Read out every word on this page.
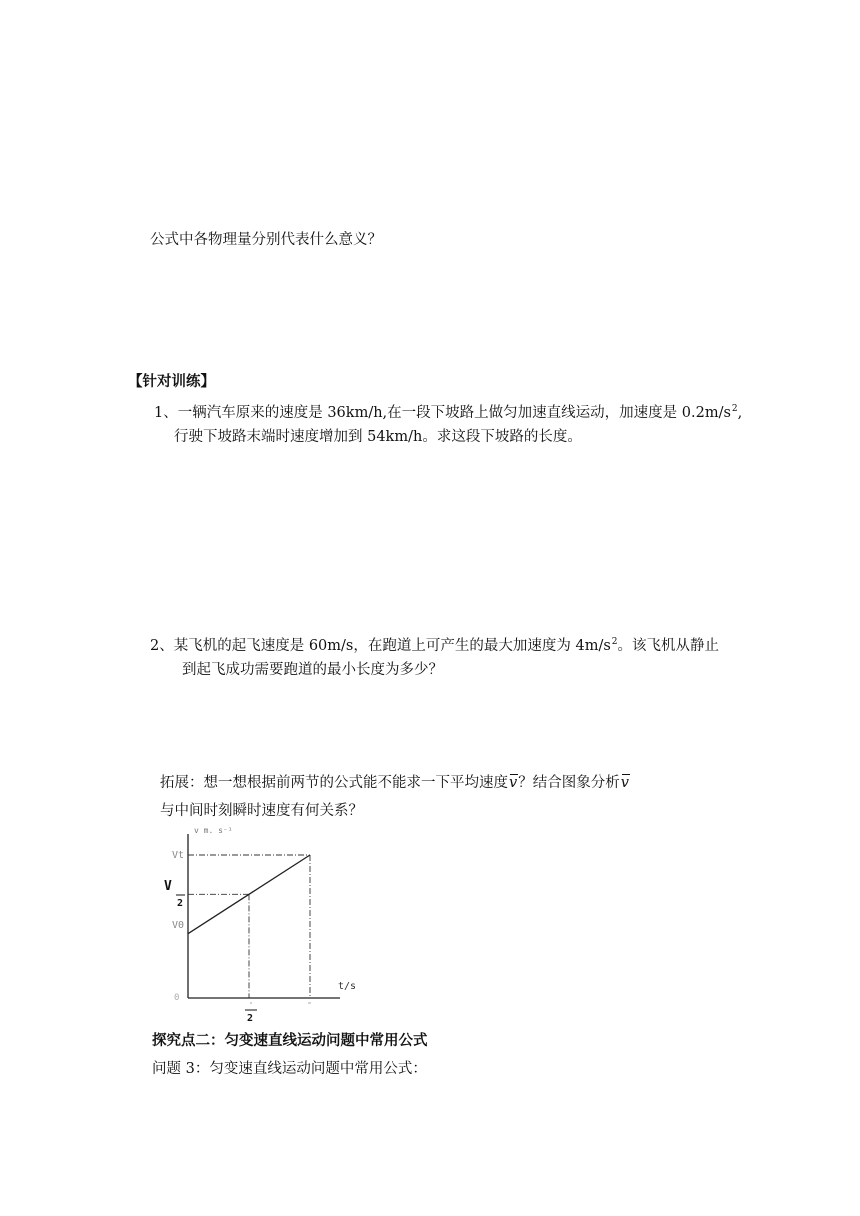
公式中各物理量分别代表什么意义？
【针对训练】
1、一辆汽车原来的速度是 36km/h,在一段下坡路上做匀加速直线运动，加速度是 $0.2m/s^2$,
行驶下坡路末端时速度增加到 54km/h。求这段下坡路的长度。
2、某飞机的起飞速度是 60m/s，在跑道上可产生的最大加速度为 $4m/s^2$。该飞机从静止
到起飞成功需要跑道的最小长度为多少？
拓展：想一想根据前两节的公式能不能求一下平均速度v？结合图象分析v
与中间时刻瞬时速度有何关系？
v m. s⁻¹
t/s
0
Vt
V
2
V0
2
探究点二：匀变速直线运动问题中常用公式
问题 3：匀变速直线运动问题中常用公式：
